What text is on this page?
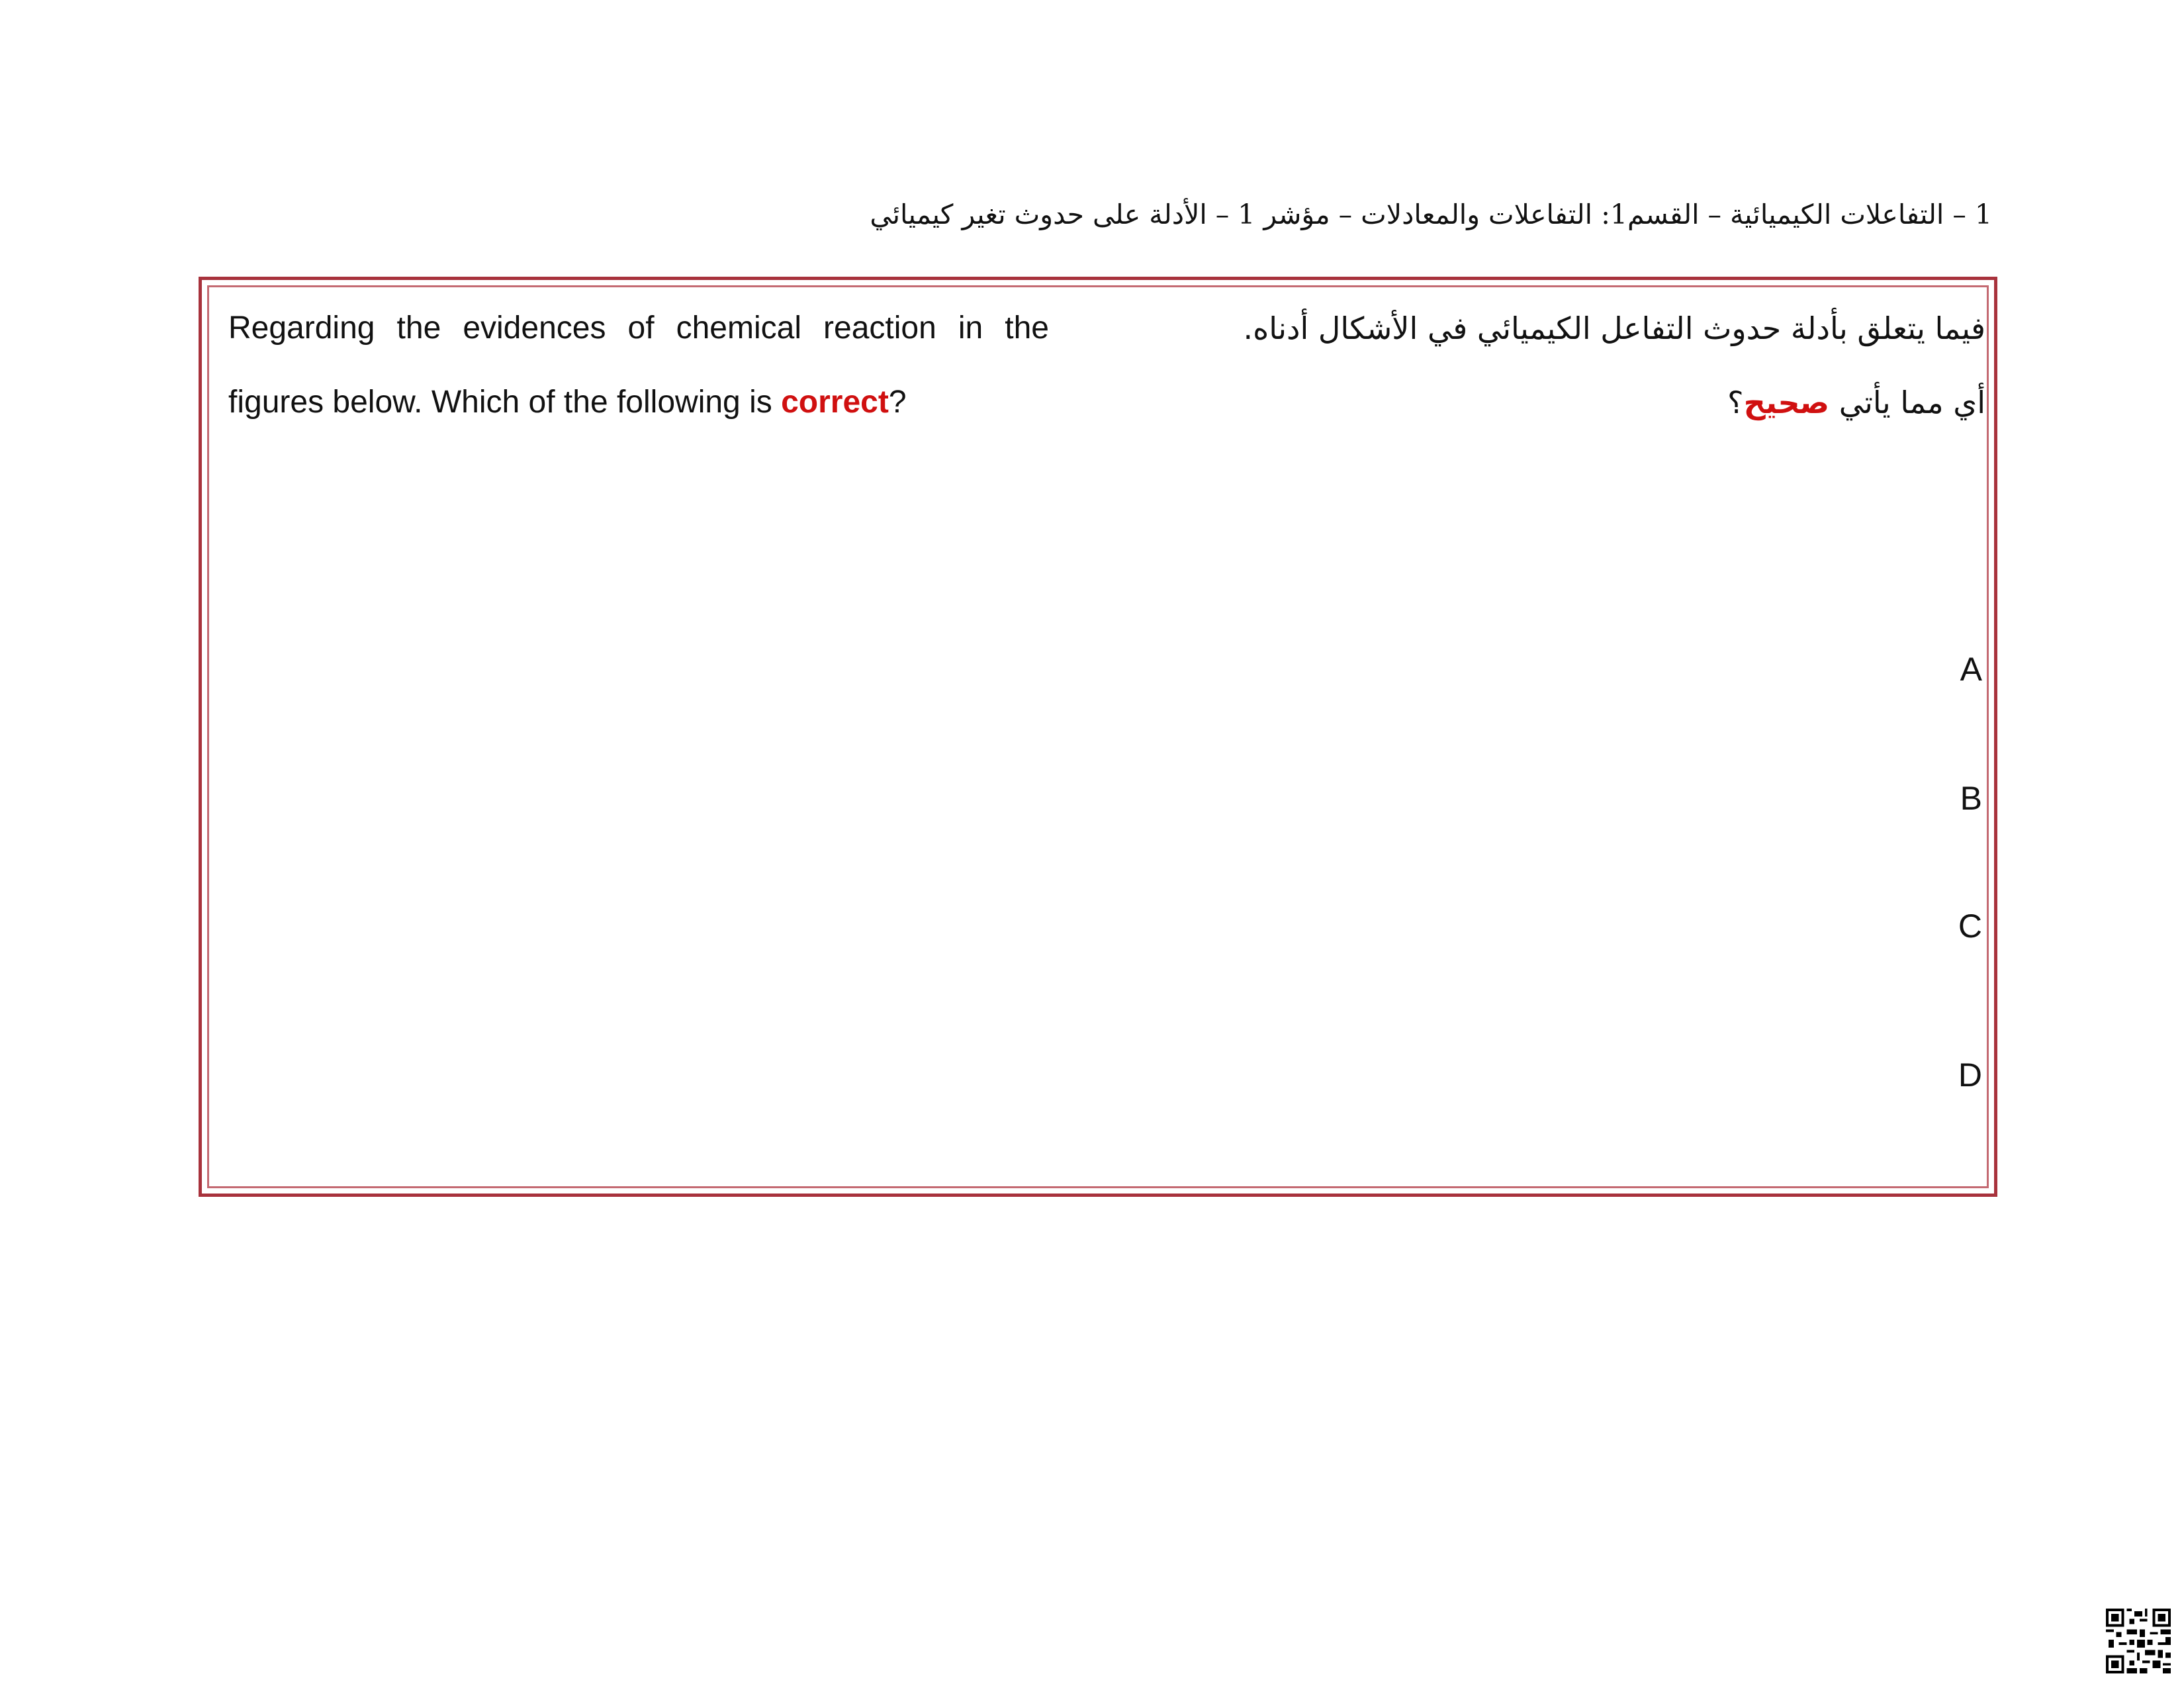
1 – التفاعلات الكيميائية – القسم1: التفاعلات والمعادلات – مؤشر 1 – الأدلة على حدوث تغير كيميائي
Regarding the evidences of chemical reaction in the
figures below. Which of the following is correct?
فيما يتعلق بأدلة حدوث التفاعل الكيميائي في الأشكال أدناه.
أي مما يأتي صحيح؟
A
B
C
D
